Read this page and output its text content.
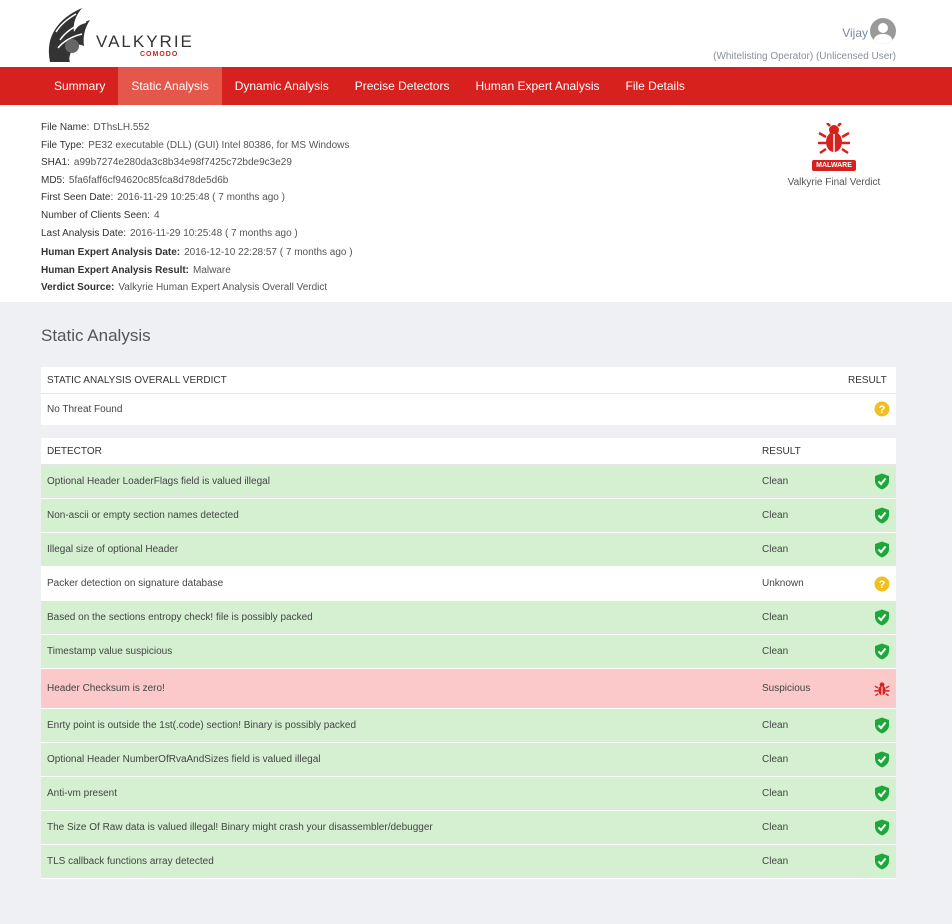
VALKYRIE
COMODO
Vijay
(Whitelisting Operator) (Unlicensed User)
Summary	Static Analysis	Dynamic Analysis	Precise Detectors	Human Expert Analysis	File Details
File Name: DThsLH.552
File Type: PE32 executable (DLL) (GUI) Intel 80386, for MS Windows
SHA1: a99b7274e280da3c8b34e98f7425c72bde9c3e29
MD5: 5fa6faff6cf94620c85fca8d78de5d6b
First Seen Date: 2016-11-29 10:25:48 ( 7 months ago )
Number of Clients Seen: 4
Last Analysis Date: 2016-11-29 10:25:48 ( 7 months ago )
Human Expert Analysis Date: 2016-12-10 22:28:57 ( 7 months ago )
Human Expert Analysis Result: Malware
Verdict Source: Valkyrie Human Expert Analysis Overall Verdict

MALWARE
Valkyrie Final Verdict
Static Analysis
STATIC ANALYSIS OVERALL VERDICT	RESULT
No Threat Found	?
DETECTOR	RESULT
Optional Header LoaderFlags field is valued illegal	Clean
Non-ascii or empty section names detected	Clean
Illegal size of optional Header	Clean
Packer detection on signature database	Unknown	?
Based on the sections entropy check! file is possibly packed	Clean
Timestamp value suspicious	Clean
Header Checksum is zero!	Suspicious
Enrty point is outside the 1st(.code) section! Binary is possibly packed	Clean
Optional Header NumberOfRvaAndSizes field is valued illegal	Clean
Anti-vm present	Clean
The Size Of Raw data is valued illegal! Binary might crash your disassembler/debugger	Clean
TLS callback functions array detected	Clean
